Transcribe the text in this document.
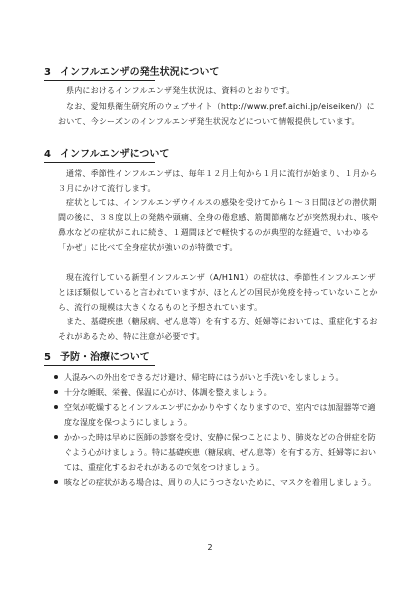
3 インフルエンザの発生状況について
県内におけるインフルエンザ発生状況は、資料のとおりです。
なお、愛知県衛生研究所のウェブサイト（http://www.pref.aichi.jp/eiseiken/）において、今シーズンのインフルエンザ発生状況などについて情報提供しています。
4 インフルエンザについて
通常、季節性インフルエンザは、毎年１２月上旬から１月に流行が始まり、１月から３月にかけて流行します。
症状としては、インフルエンザウイルスの感染を受けてから１～３日間ほどの潜伏期間の後に、３８度以上の発熱や頭痛、全身の倦怠感、筋関節痛などが突然現われ、咳や鼻水などの症状がこれに続き、１週間ほどで軽快するのが典型的な経過で、いわゆる「かぜ」に比べて全身症状が強いのが特徴です。
現在流行している新型インフルエンザ（A/H1N1）の症状は、季節性インフルエンザとほぼ類似していると言われていますが、ほとんどの国民が免疫を持っていないことから、流行の規模は大きくなるものと予想されています。
また、基礎疾患（糖尿病、ぜん息等）を有する方、妊婦等においては、重症化するおそれがあるため、特に注意が必要です。
5 予防・治療について
人混みへの外出をできるだけ避け、帰宅時にはうがいと手洗いをしましょう。
十分な睡眠、栄養、保温に心がけ、体調を整えましょう。
空気が乾燥するとインフルエンザにかかりやすくなりますので、室内では加湿器等で適度な湿度を保つようにしましょう。
かかった時は早めに医師の診察を受け、安静に保つことにより、肺炎などの合併症を防ぐよう心がけましょう。特に基礎疾患（糖尿病、ぜん息等）を有する方、妊婦等においては、重症化するおそれがあるので気をつけましょう。
咳などの症状がある場合は、周りの人にうつさないために、マスクを着用しましょう。
2
